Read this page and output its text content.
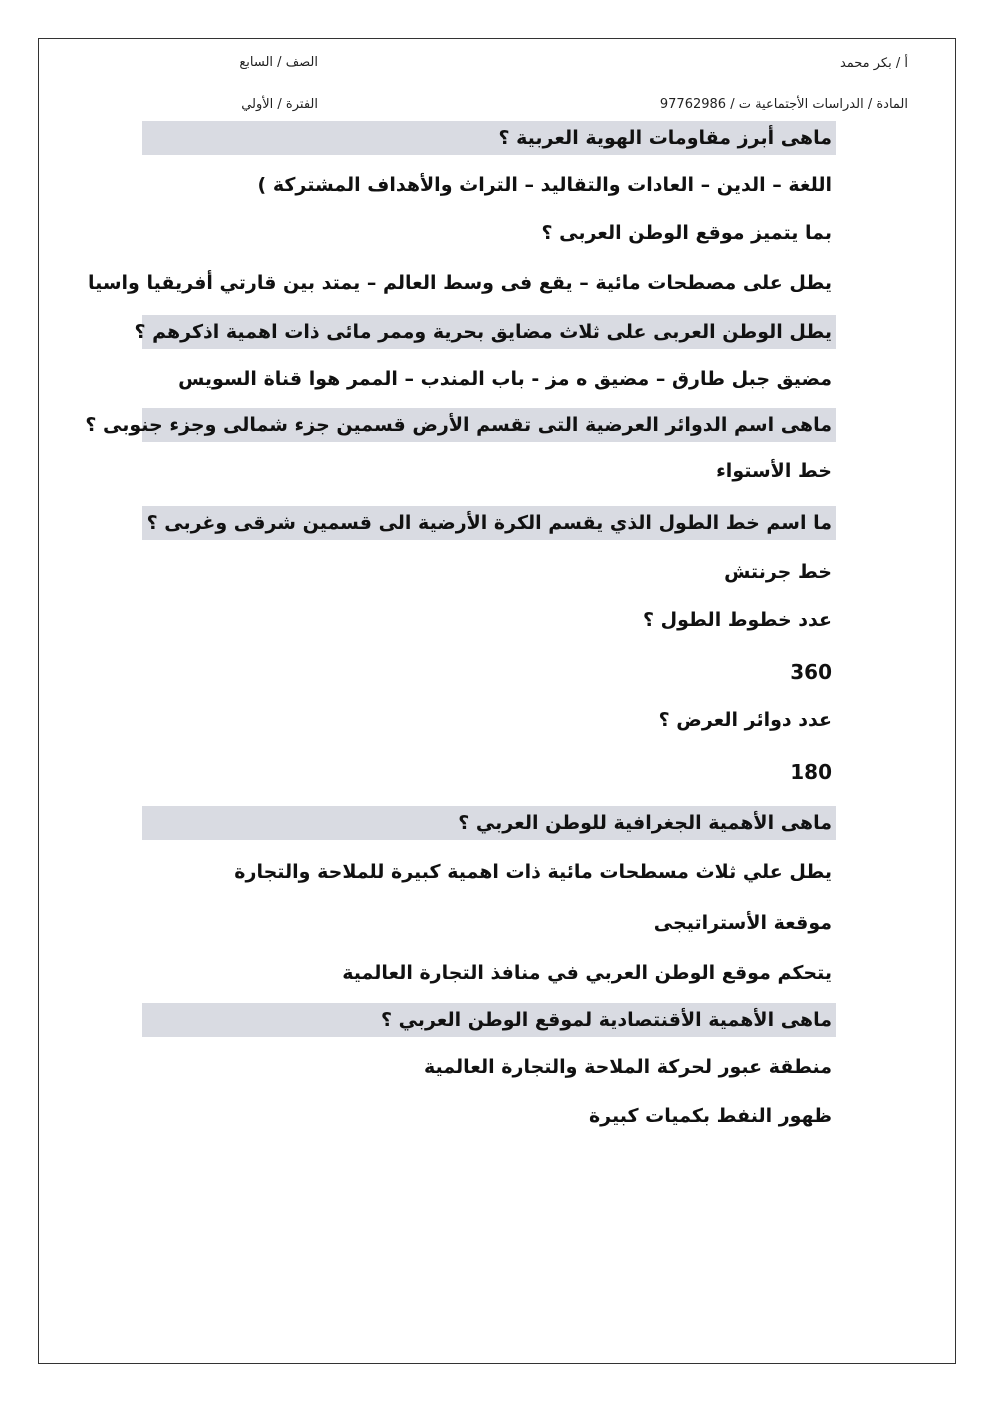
أ / بكر محمد
المادة / الدراسات الأجتماعية ت / 97762986
الصف / السابع
الفترة / الأولي
ماهى أبرز مقاومات الهوية العربية ؟
اللغة – الدين – العادات والتقاليد – التراث والأهداف المشتركة )
بما يتميز موقع الوطن العربى ؟
يطل على مصطحات مائية – يقع فى وسط العالم – يمتد بين قارتي أفريقيا واسيا
يطل الوطن العربى على ثلاث مضايق بحرية وممر مائى ذات اهمية اذكرهم ؟
مضيق جبل طارق – مضيق ه مز - باب المندب – الممر هوا قناة السويس
ماهى اسم الدوائر العرضية التى تقسم الأرض قسمين جزء شمالى وجزء جنوبى ؟
خط الأستواء
ما اسم خط الطول الذي يقسم الكرة الأرضية الى قسمين شرقى وغربى ؟
خط جرنتش
عدد خطوط الطول ؟
360
عدد دوائر العرض ؟
180
ماهى الأهمية الجغرافية للوطن العربي ؟
يطل علي ثلاث مسطحات مائية ذات اهمية كبيرة للملاحة والتجارة
موقعة الأستراتيجى
يتحكم موقع الوطن العربي في منافذ التجارة العالمية
ماهى الأهمية الأقنتصادية لموقع الوطن العربي ؟
منطقة عبور لحركة الملاحة والتجارة العالمية
ظهور النفط بكميات كبيرة
